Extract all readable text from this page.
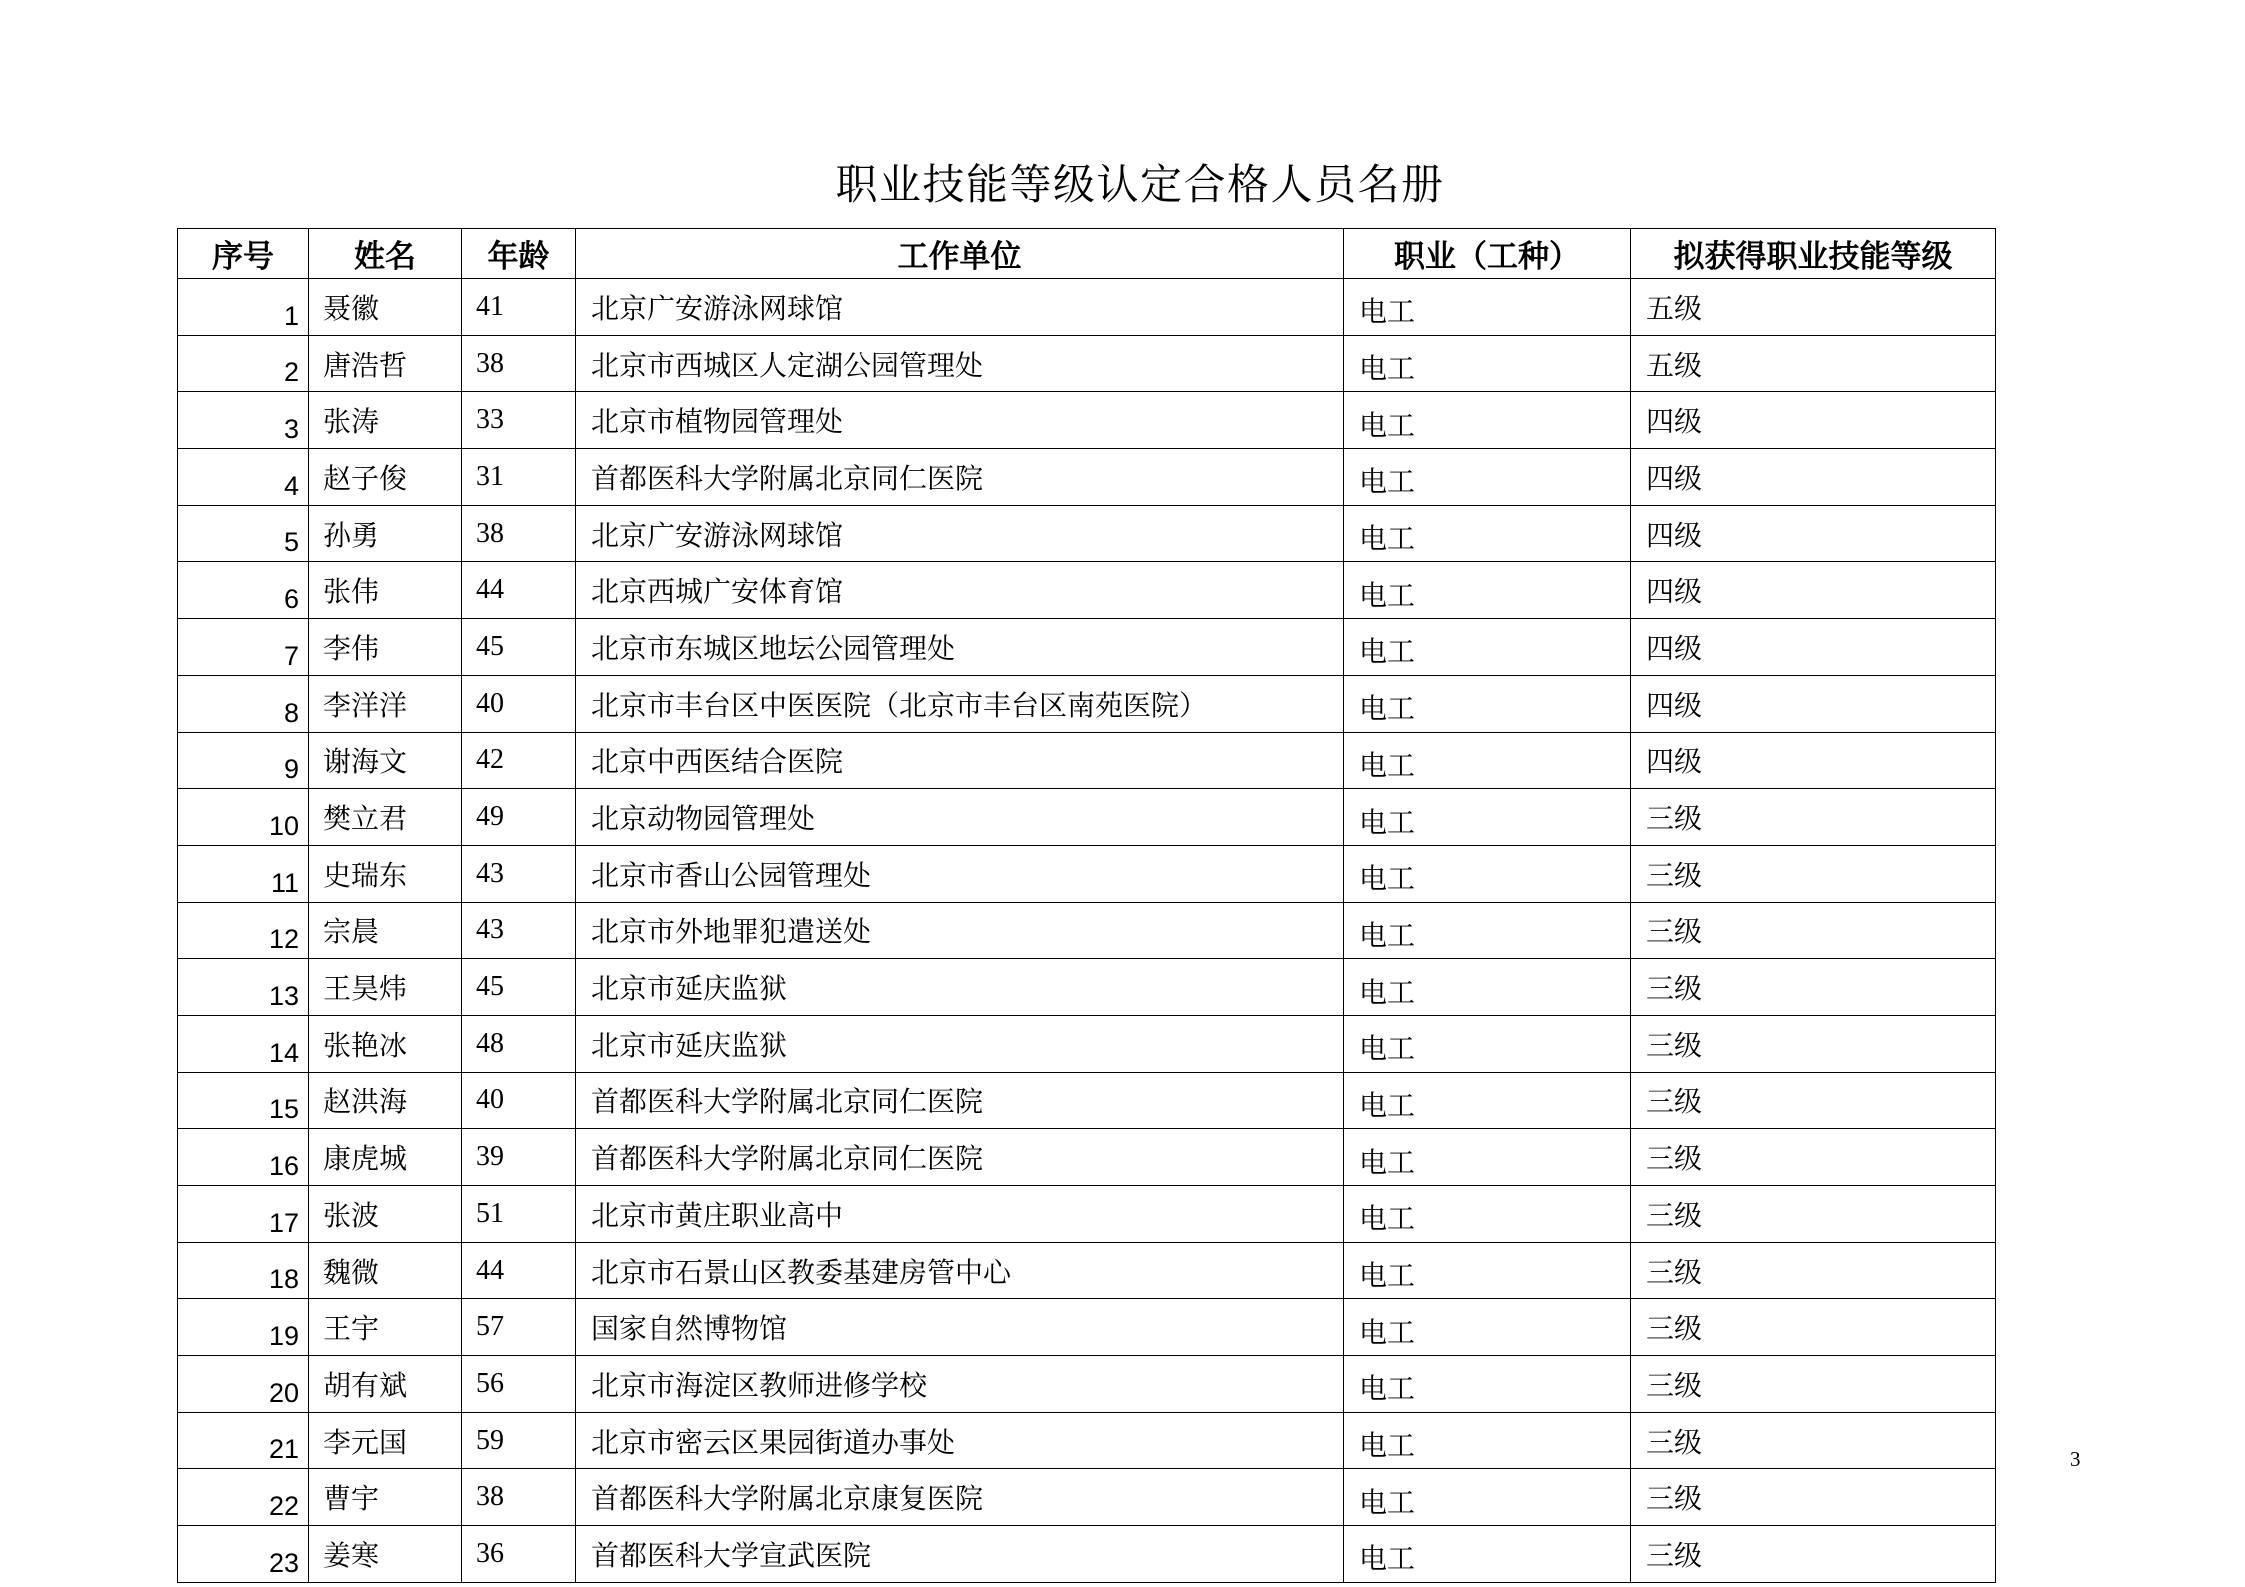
职业技能等级认定合格人员名册
序号	姓名	年龄	工作单位	职业（工种）	拟获得职业技能等级
1	聂徽	41	北京广安游泳网球馆	电工	五级
2	唐浩哲	38	北京市西城区人定湖公园管理处	电工	五级
3	张涛	33	北京市植物园管理处	电工	四级
4	赵子俊	31	首都医科大学附属北京同仁医院	电工	四级
5	孙勇	38	北京广安游泳网球馆	电工	四级
6	张伟	44	北京西城广安体育馆	电工	四级
7	李伟	45	北京市东城区地坛公园管理处	电工	四级
8	李洋洋	40	北京市丰台区中医医院（北京市丰台区南苑医院）	电工	四级
9	谢海文	42	北京中西医结合医院	电工	四级
10	樊立君	49	北京动物园管理处	电工	三级
11	史瑞东	43	北京市香山公园管理处	电工	三级
12	宗晨	43	北京市外地罪犯遣送处	电工	三级
13	王昊炜	45	北京市延庆监狱	电工	三级
14	张艳冰	48	北京市延庆监狱	电工	三级
15	赵洪海	40	首都医科大学附属北京同仁医院	电工	三级
16	康虎城	39	首都医科大学附属北京同仁医院	电工	三级
17	张波	51	北京市黄庄职业高中	电工	三级
18	魏微	44	北京市石景山区教委基建房管中心	电工	三级
19	王宇	57	国家自然博物馆	电工	三级
20	胡有斌	56	北京市海淀区教师进修学校	电工	三级
21	李元国	59	北京市密云区果园街道办事处	电工	三级
22	曹宇	38	首都医科大学附属北京康复医院	电工	三级
23	姜寒	36	首都医科大学宣武医院	电工	三级
3
